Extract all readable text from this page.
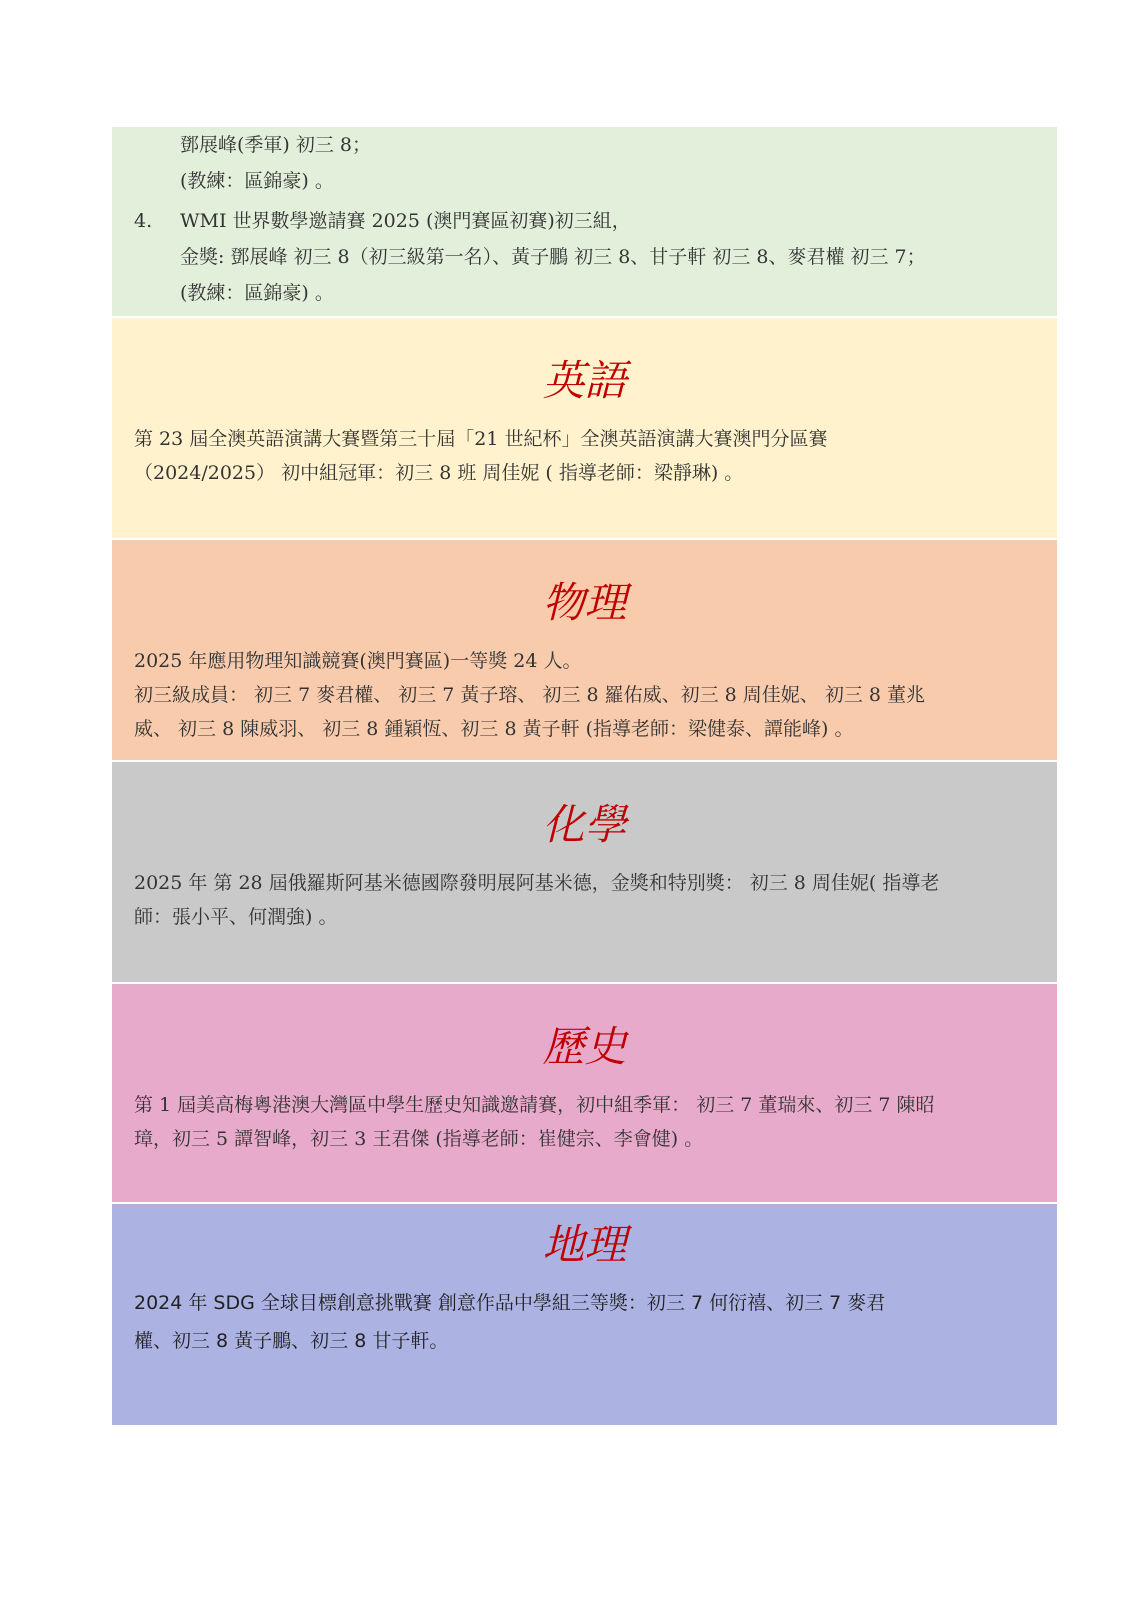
鄧展峰(季軍) 初三 8；
(教練：區錦豪) 。
4.	WMI 世界數學邀請賽 2025 (澳門賽區初賽)初三組，
金獎: 鄧展峰 初三 8（初三級第一名）、黃子鵬 初三 8、甘子軒 初三 8、麥君權 初三 7；
(教練：區錦豪) 。
英語

第 23 屆全澳英語演講大賽暨第三十屆「21 世紀杯」全澳英語演講大賽澳門分區賽

（2024/2025） 初中組冠軍：初三 8 班 周佳妮 ( 指導老師：梁靜琳) 。

物理

2025 年應用物理知識競賽(澳門賽區)一等獎 24 人。

初三級成員： 初三 7 麥君權、 初三 7 黃子瑢、 初三 8 羅佑威、初三 8 周佳妮、 初三 8 董兆

威、 初三 8 陳威羽、 初三 8 鍾穎恆、初三 8 黃子軒 (指導老師：梁健泰、譚能峰) 。

化學

2025 年 第 28 屆俄羅斯阿基米德國際發明展阿基米德，金獎和特別獎： 初三 8 周佳妮( 指導老

師：張小平、何潤強) 。

歷史

第 1 屆美高梅粵港澳大灣區中學生歷史知識邀請賽，初中組季軍： 初三 7 董瑞來、初三 7 陳昭

璋，初三 5 譚智峰，初三 3 王君傑 (指導老師：崔健宗、李會健) 。

地理

2024 年 SDG 全球目標創意挑戰賽 創意作品中學組三等獎：初三 7 何衍禧、初三 7 麥君

權、初三 8 黃子鵬、初三 8 甘子軒。
